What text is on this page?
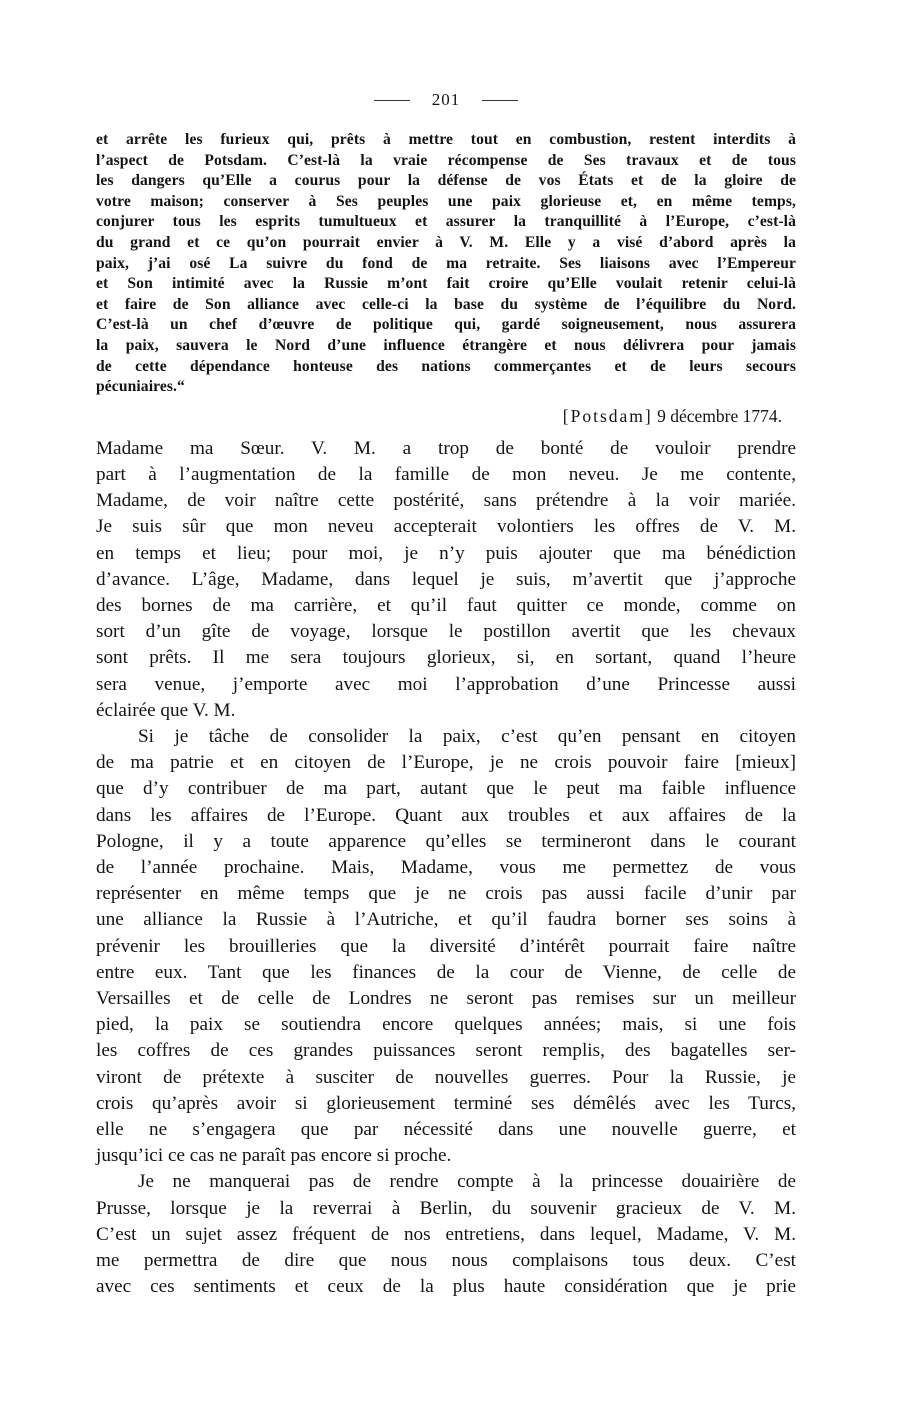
201
et arrête les furieux qui, prêts à mettre tout en combustion, restent interdits à
l’aspect de Potsdam. C’est-là la vraie récompense de Ses travaux et de tous
les dangers qu’Elle a courus pour la défense de vos États et de la gloire de
votre maison; conserver à Ses peuples une paix glorieuse et, en même temps,
conjurer tous les esprits tumultueux et assurer la tranquillité à l’Europe, c’est-là
du grand et ce qu’on pourrait envier à V. M. Elle y a visé d’abord après la
paix, j’ai osé La suivre du fond de ma retraite. Ses liaisons avec l’Empereur
et Son intimité avec la Russie m’ont fait croire qu’Elle voulait retenir celui-là
et faire de Son alliance avec celle-ci la base du système de l’équilibre du Nord.
C’est-là un chef d’œuvre de politique qui, gardé soigneusement, nous assurera
la paix, sauvera le Nord d’une influence étrangère et nous délivrera pour jamais
de cette dépendance honteuse des nations commerçantes et de leurs secours
pécuniaires.“
[Potsdam] 9 décembre 1774.
Madame ma Sœur. V. M. a trop de bonté de vouloir prendre
part à l’augmentation de la famille de mon neveu. Je me contente,
Madame, de voir naître cette postérité, sans prétendre à la voir mariée.
Je suis sûr que mon neveu accepterait volontiers les offres de V. M.
en temps et lieu; pour moi, je n’y puis ajouter que ma bénédiction
d’avance. L’âge, Madame, dans lequel je suis, m’avertit que j’approche
des bornes de ma carrière, et qu’il faut quitter ce monde, comme on
sort d’un gîte de voyage, lorsque le postillon avertit que les chevaux
sont prêts. Il me sera toujours glorieux, si, en sortant, quand l’heure
sera venue, j’emporte avec moi l’approbation d’une Princesse aussi
éclairée que V. M.
Si je tâche de consolider la paix, c’est qu’en pensant en citoyen
de ma patrie et en citoyen de l’Europe, je ne crois pouvoir faire [mieux]
que d’y contribuer de ma part, autant que le peut ma faible influence
dans les affaires de l’Europe. Quant aux troubles et aux affaires de la
Pologne, il y a toute apparence qu’elles se termineront dans le courant
de l’année prochaine. Mais, Madame, vous me permettez de vous
représenter en même temps que je ne crois pas aussi facile d’unir par
une alliance la Russie à l’Autriche, et qu’il faudra borner ses soins à
prévenir les brouilleries que la diversité d’intérêt pourrait faire naître
entre eux. Tant que les finances de la cour de Vienne, de celle de
Versailles et de celle de Londres ne seront pas remises sur un meilleur
pied, la paix se soutiendra encore quelques années; mais, si une fois
les coffres de ces grandes puissances seront remplis, des bagatelles ser-
viront de prétexte à susciter de nouvelles guerres. Pour la Russie, je
crois qu’après avoir si glorieusement terminé ses démêlés avec les Turcs,
elle ne s’engagera que par nécessité dans une nouvelle guerre, et
jusqu’ici ce cas ne paraît pas encore si proche.
Je ne manquerai pas de rendre compte à la princesse douairière de
Prusse, lorsque je la reverrai à Berlin, du souvenir gracieux de V. M.
C’est un sujet assez fréquent de nos entretiens, dans lequel, Madame, V. M.
me permettra de dire que nous nous complaisons tous deux. C’est
avec ces sentiments et ceux de la plus haute considération que je prie
